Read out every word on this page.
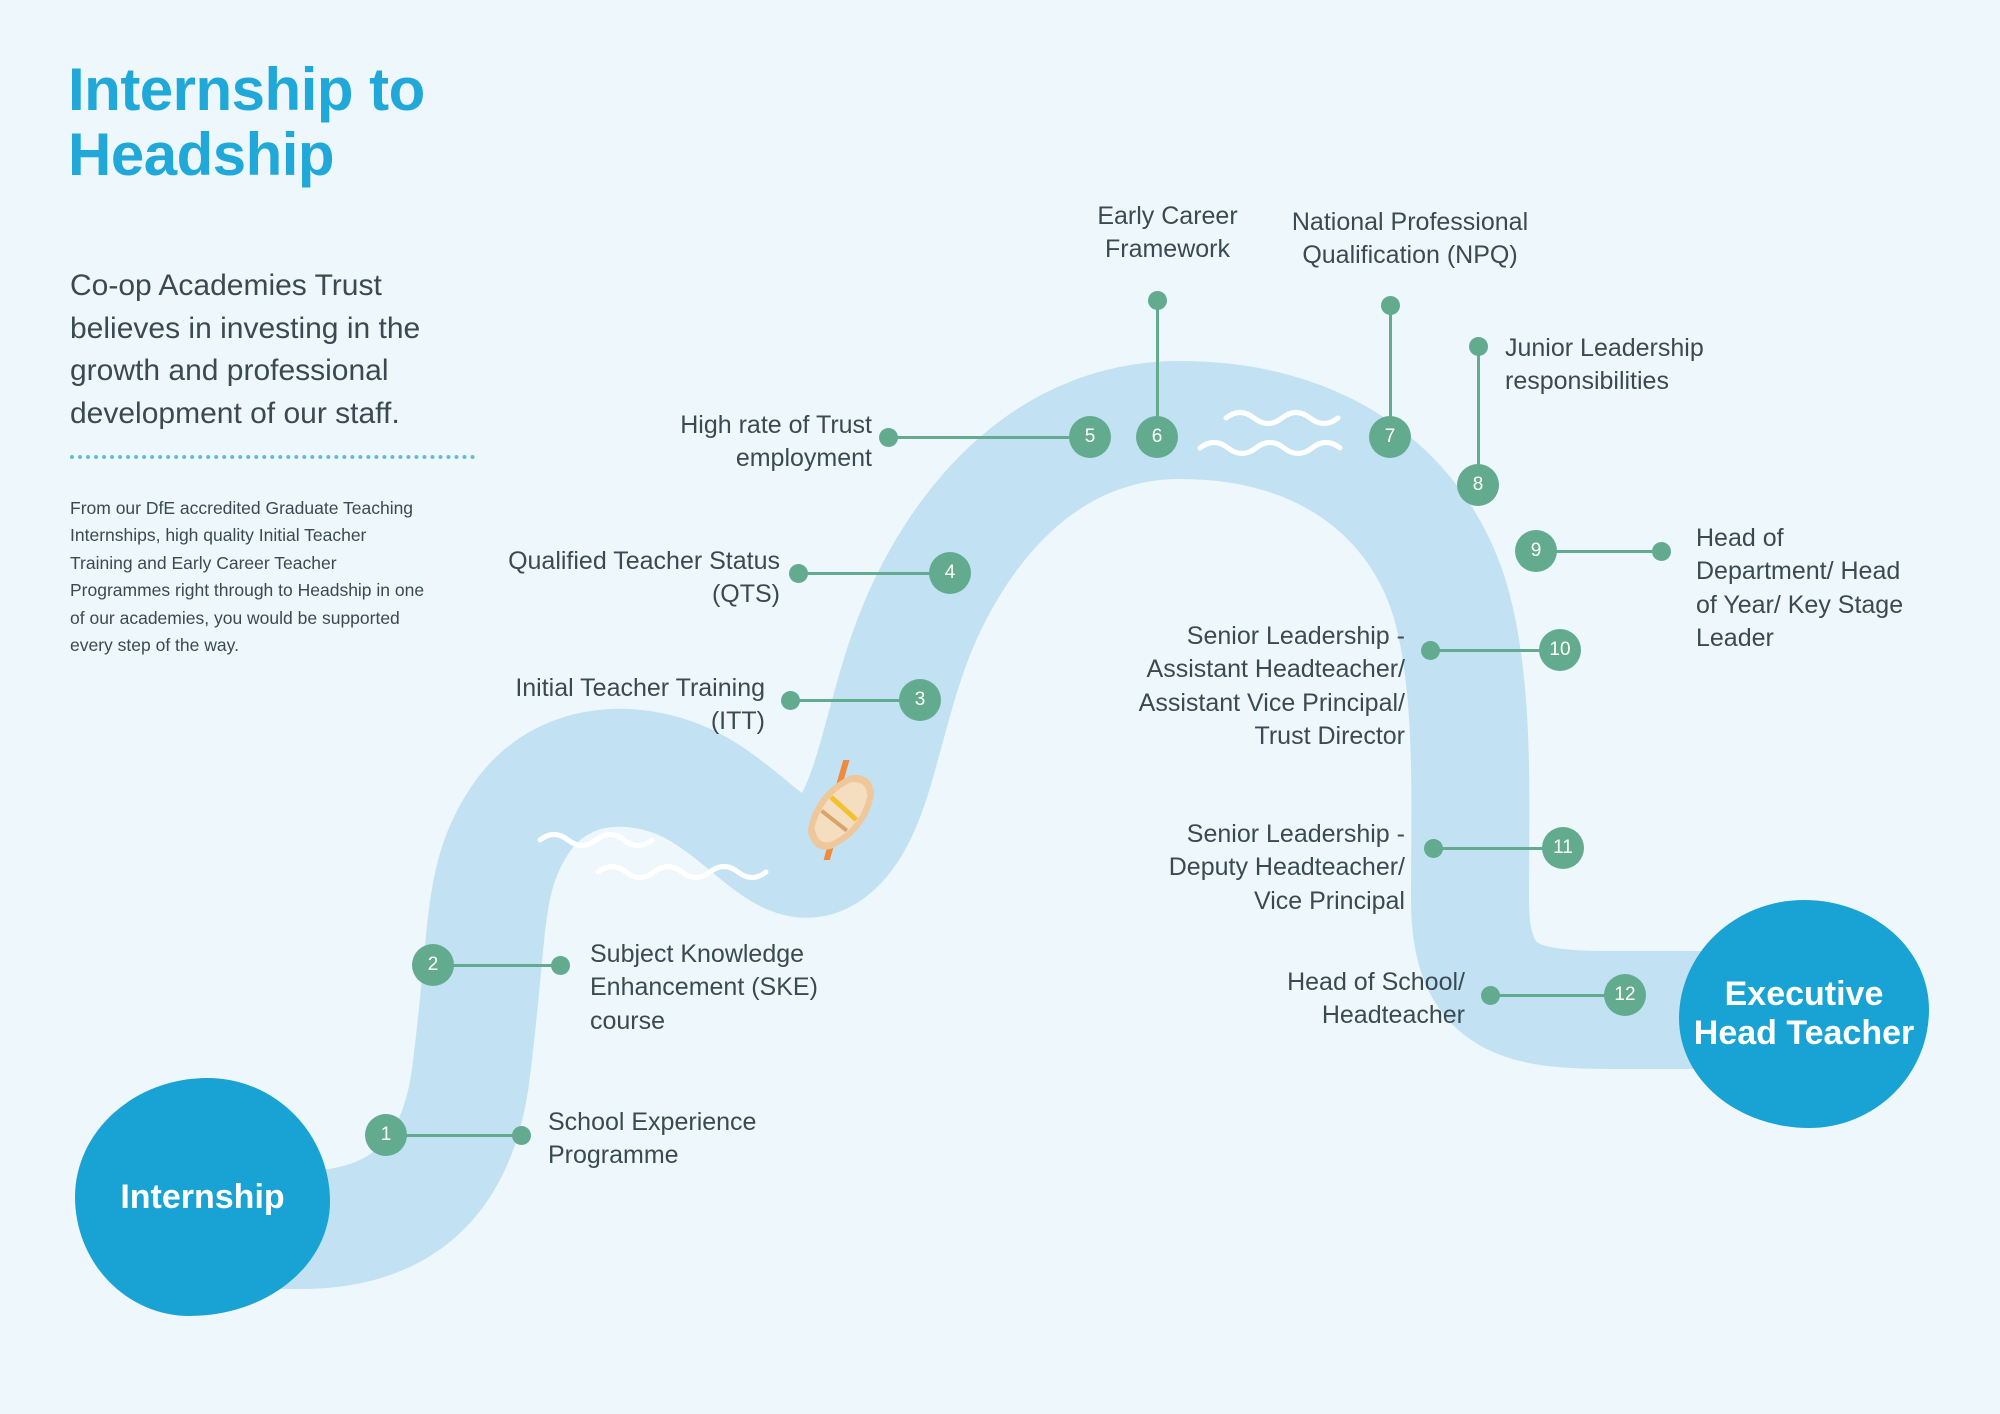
Internship
Executive Head Teacher
1	School Experience Programme
2	Subject Knowledge Enhancement (SKE) course
3
Initial Teacher Training (ITT)
4
Qualified Teacher Status (QTS)
5
High rate of Trust employment
6
Early Career Framework
7
National Professional Qualification (NPQ)
8
Junior Leadership responsibilities
9	Head of Department/ Head of Year/ Key Stage Leader
10
Senior Leadership - Assistant Headteacher/ Assistant Vice Principal/ Trust Director
11
Senior Leadership - Deputy Headteacher/ Vice Principal
12
Head of School/ Headteacher
Internship to Headship
Co-op Academies Trust believes in investing in the growth and professional development of our staff.
From our DfE accredited Graduate Teaching Internships, high quality Initial Teacher Training and Early Career Teacher Programmes right through to Headship in one of our academies, you would be supported every step of the way.
